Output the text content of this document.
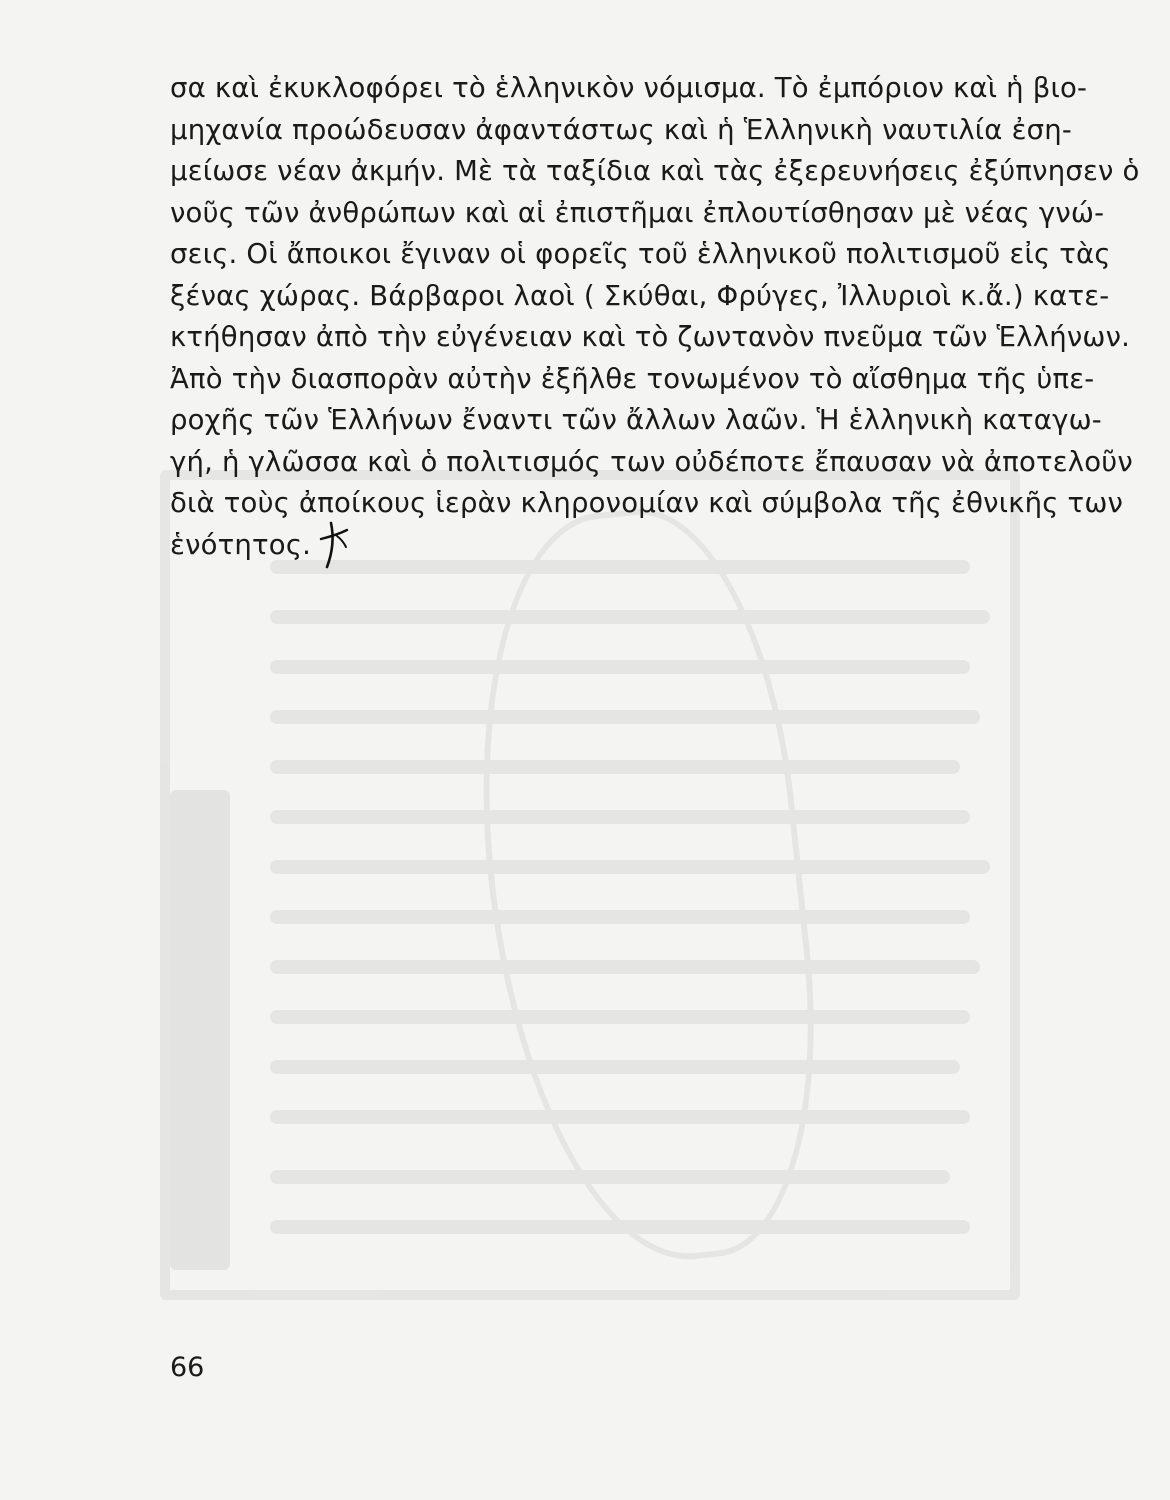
σα καὶ ἐκυκλοφόρει τὸ ἑλληνικὸν νόμισμα. Τὸ ἐμπόριον καὶ ἡ βιο-
μηχανία προώδευσαν ἀφαντάστως καὶ ἡ Ἑλληνικὴ ναυτιλία ἐση-
μείωσε νέαν ἀκμήν. Μὲ τὰ ταξίδια καὶ τὰς ἐξερευνήσεις ἐξύπνησεν ὁ
νοῦς τῶν ἀνθρώπων καὶ αἱ ἐπιστῆμαι ἐπλουτίσθησαν μὲ νέας γνώ-
σεις. Οἱ ἄποικοι ἔγιναν οἱ φορεῖς τοῦ ἑλληνικοῦ πολιτισμοῦ εἰς τὰς
ξένας χώρας. Βάρβαροι λαοὶ ( Σκύθαι, Φρύγες, Ἰλλυριοὶ κ.ἄ.) κατε-
κτήθησαν ἀπὸ τὴν εὐγένειαν καὶ τὸ ζωντανὸν πνεῦμα τῶν Ἑλλήνων.
Ἀπὸ τὴν διασπορὰν αὐτὴν ἐξῆλθε τονωμένον τὸ αἴσθημα τῆς ὑπε-
ροχῆς τῶν Ἑλλήνων ἔναντι τῶν ἄλλων λαῶν. Ἡ ἑλληνικὴ καταγω-
γή, ἡ γλῶσσα καὶ ὁ πολιτισμός των οὐδέποτε ἔπαυσαν νὰ ἀποτελοῦν
διὰ τοὺς ἀποίκους ἱερὰν κληρονομίαν καὶ σύμβολα τῆς ἐθνικῆς των
ἑνότητος.
66
